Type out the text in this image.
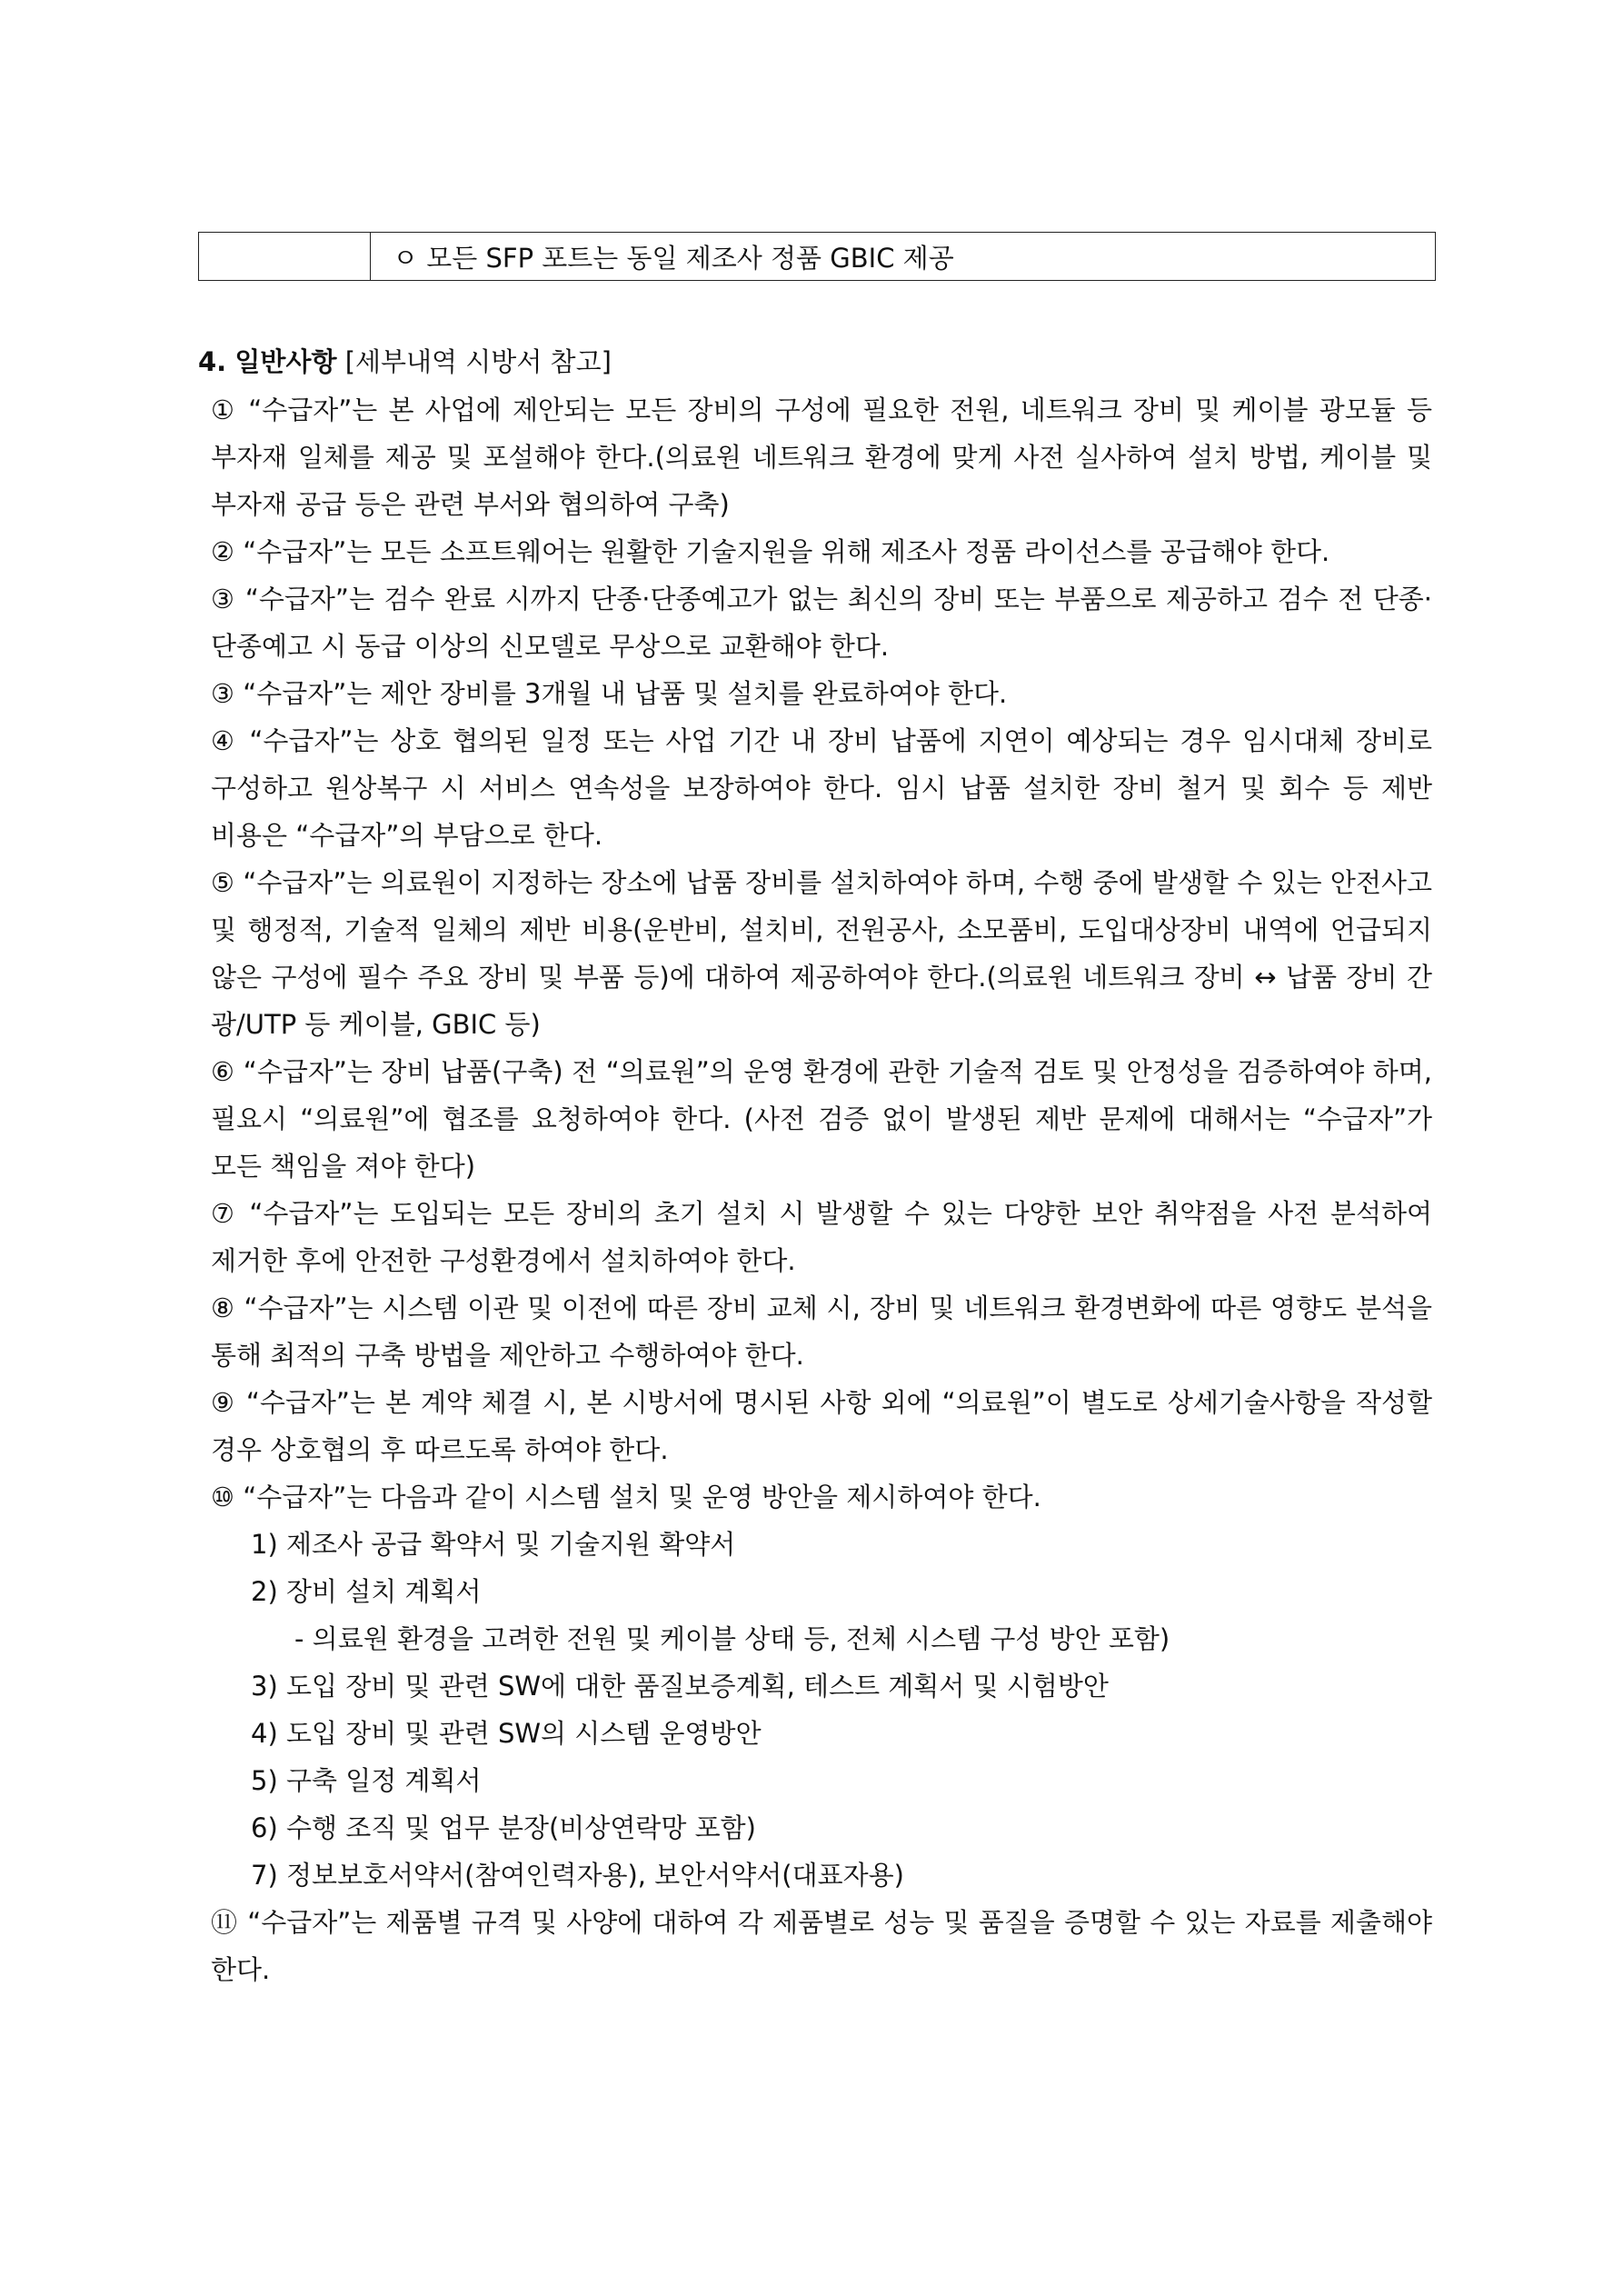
	ㅇ 모든 SFP 포트는 동일 제조사 정품 GBIC 제공
4. 일반사항 [세부내역 시방서 참고]
① “수급자”는 본 사업에 제안되는 모든 장비의 구성에 필요한 전원, 네트워크 장비 및 케이블 광모듈 등 부자재 일체를 제공 및 포설해야 한다.(의료원 네트워크 환경에 맞게 사전 실사하여 설치 방법, 케이블 및 부자재 공급 등은 관련 부서와 협의하여 구축)
② “수급자”는 모든 소프트웨어는 원활한 기술지원을 위해 제조사 정품 라이선스를 공급해야 한다.
③ “수급자”는 검수 완료 시까지 단종·단종예고가 없는 최신의 장비 또는 부품으로 제공하고 검수 전 단종·단종예고 시 동급 이상의 신모델로 무상으로 교환해야 한다.
③ “수급자”는 제안 장비를 3개월 내 납품 및 설치를 완료하여야 한다.
④ “수급자”는 상호 협의된 일정 또는 사업 기간 내 장비 납품에 지연이 예상되는 경우 임시대체 장비로 구성하고 원상복구 시 서비스 연속성을 보장하여야 한다. 임시 납품 설치한 장비 철거 및 회수 등 제반 비용은 “수급자”의 부담으로 한다.
⑤ “수급자”는 의료원이 지정하는 장소에 납품 장비를 설치하여야 하며, 수행 중에 발생할 수 있는 안전사고 및 행정적, 기술적 일체의 제반 비용(운반비, 설치비, 전원공사, 소모품비, 도입대상장비 내역에 언급되지 않은 구성에 필수 주요 장비 및 부품 등)에 대하여 제공하여야 한다.(의료원 네트워크 장비 ↔ 납품 장비 간 광/UTP 등 케이블, GBIC 등)
⑥ “수급자”는 장비 납품(구축) 전 “의료원”의 운영 환경에 관한 기술적 검토 및 안정성을 검증하여야 하며, 필요시 “의료원”에 협조를 요청하여야 한다. (사전 검증 없이 발생된 제반 문제에 대해서는 “수급자”가 모든 책임을 져야 한다)
⑦ “수급자”는 도입되는 모든 장비의 초기 설치 시 발생할 수 있는 다양한 보안 취약점을 사전 분석하여 제거한 후에 안전한 구성환경에서 설치하여야 한다.
⑧ “수급자”는 시스템 이관 및 이전에 따른 장비 교체 시, 장비 및 네트워크 환경변화에 따른 영향도 분석을 통해 최적의 구축 방법을 제안하고 수행하여야 한다.
⑨ “수급자”는 본 계약 체결 시, 본 시방서에 명시된 사항 외에 “의료원”이 별도로 상세기술사항을 작성할 경우 상호협의 후 따르도록 하여야 한다.
⑩ “수급자”는 다음과 같이 시스템 설치 및 운영 방안을 제시하여야 한다.
1) 제조사 공급 확약서 및 기술지원 확약서
2) 장비 설치 계획서
- 의료원 환경을 고려한 전원 및 케이블 상태 등, 전체 시스템 구성 방안 포함)
3) 도입 장비 및 관련 SW에 대한 품질보증계획, 테스트 계획서 및 시험방안
4) 도입 장비 및 관련 SW의 시스템 운영방안
5) 구축 일정 계획서
6) 수행 조직 및 업무 분장(비상연락망 포함)
7) 정보보호서약서(참여인력자용), 보안서약서(대표자용)
⑪ “수급자”는 제품별 규격 및 사양에 대하여 각 제품별로 성능 및 품질을 증명할 수 있는 자료를 제출해야 한다.
